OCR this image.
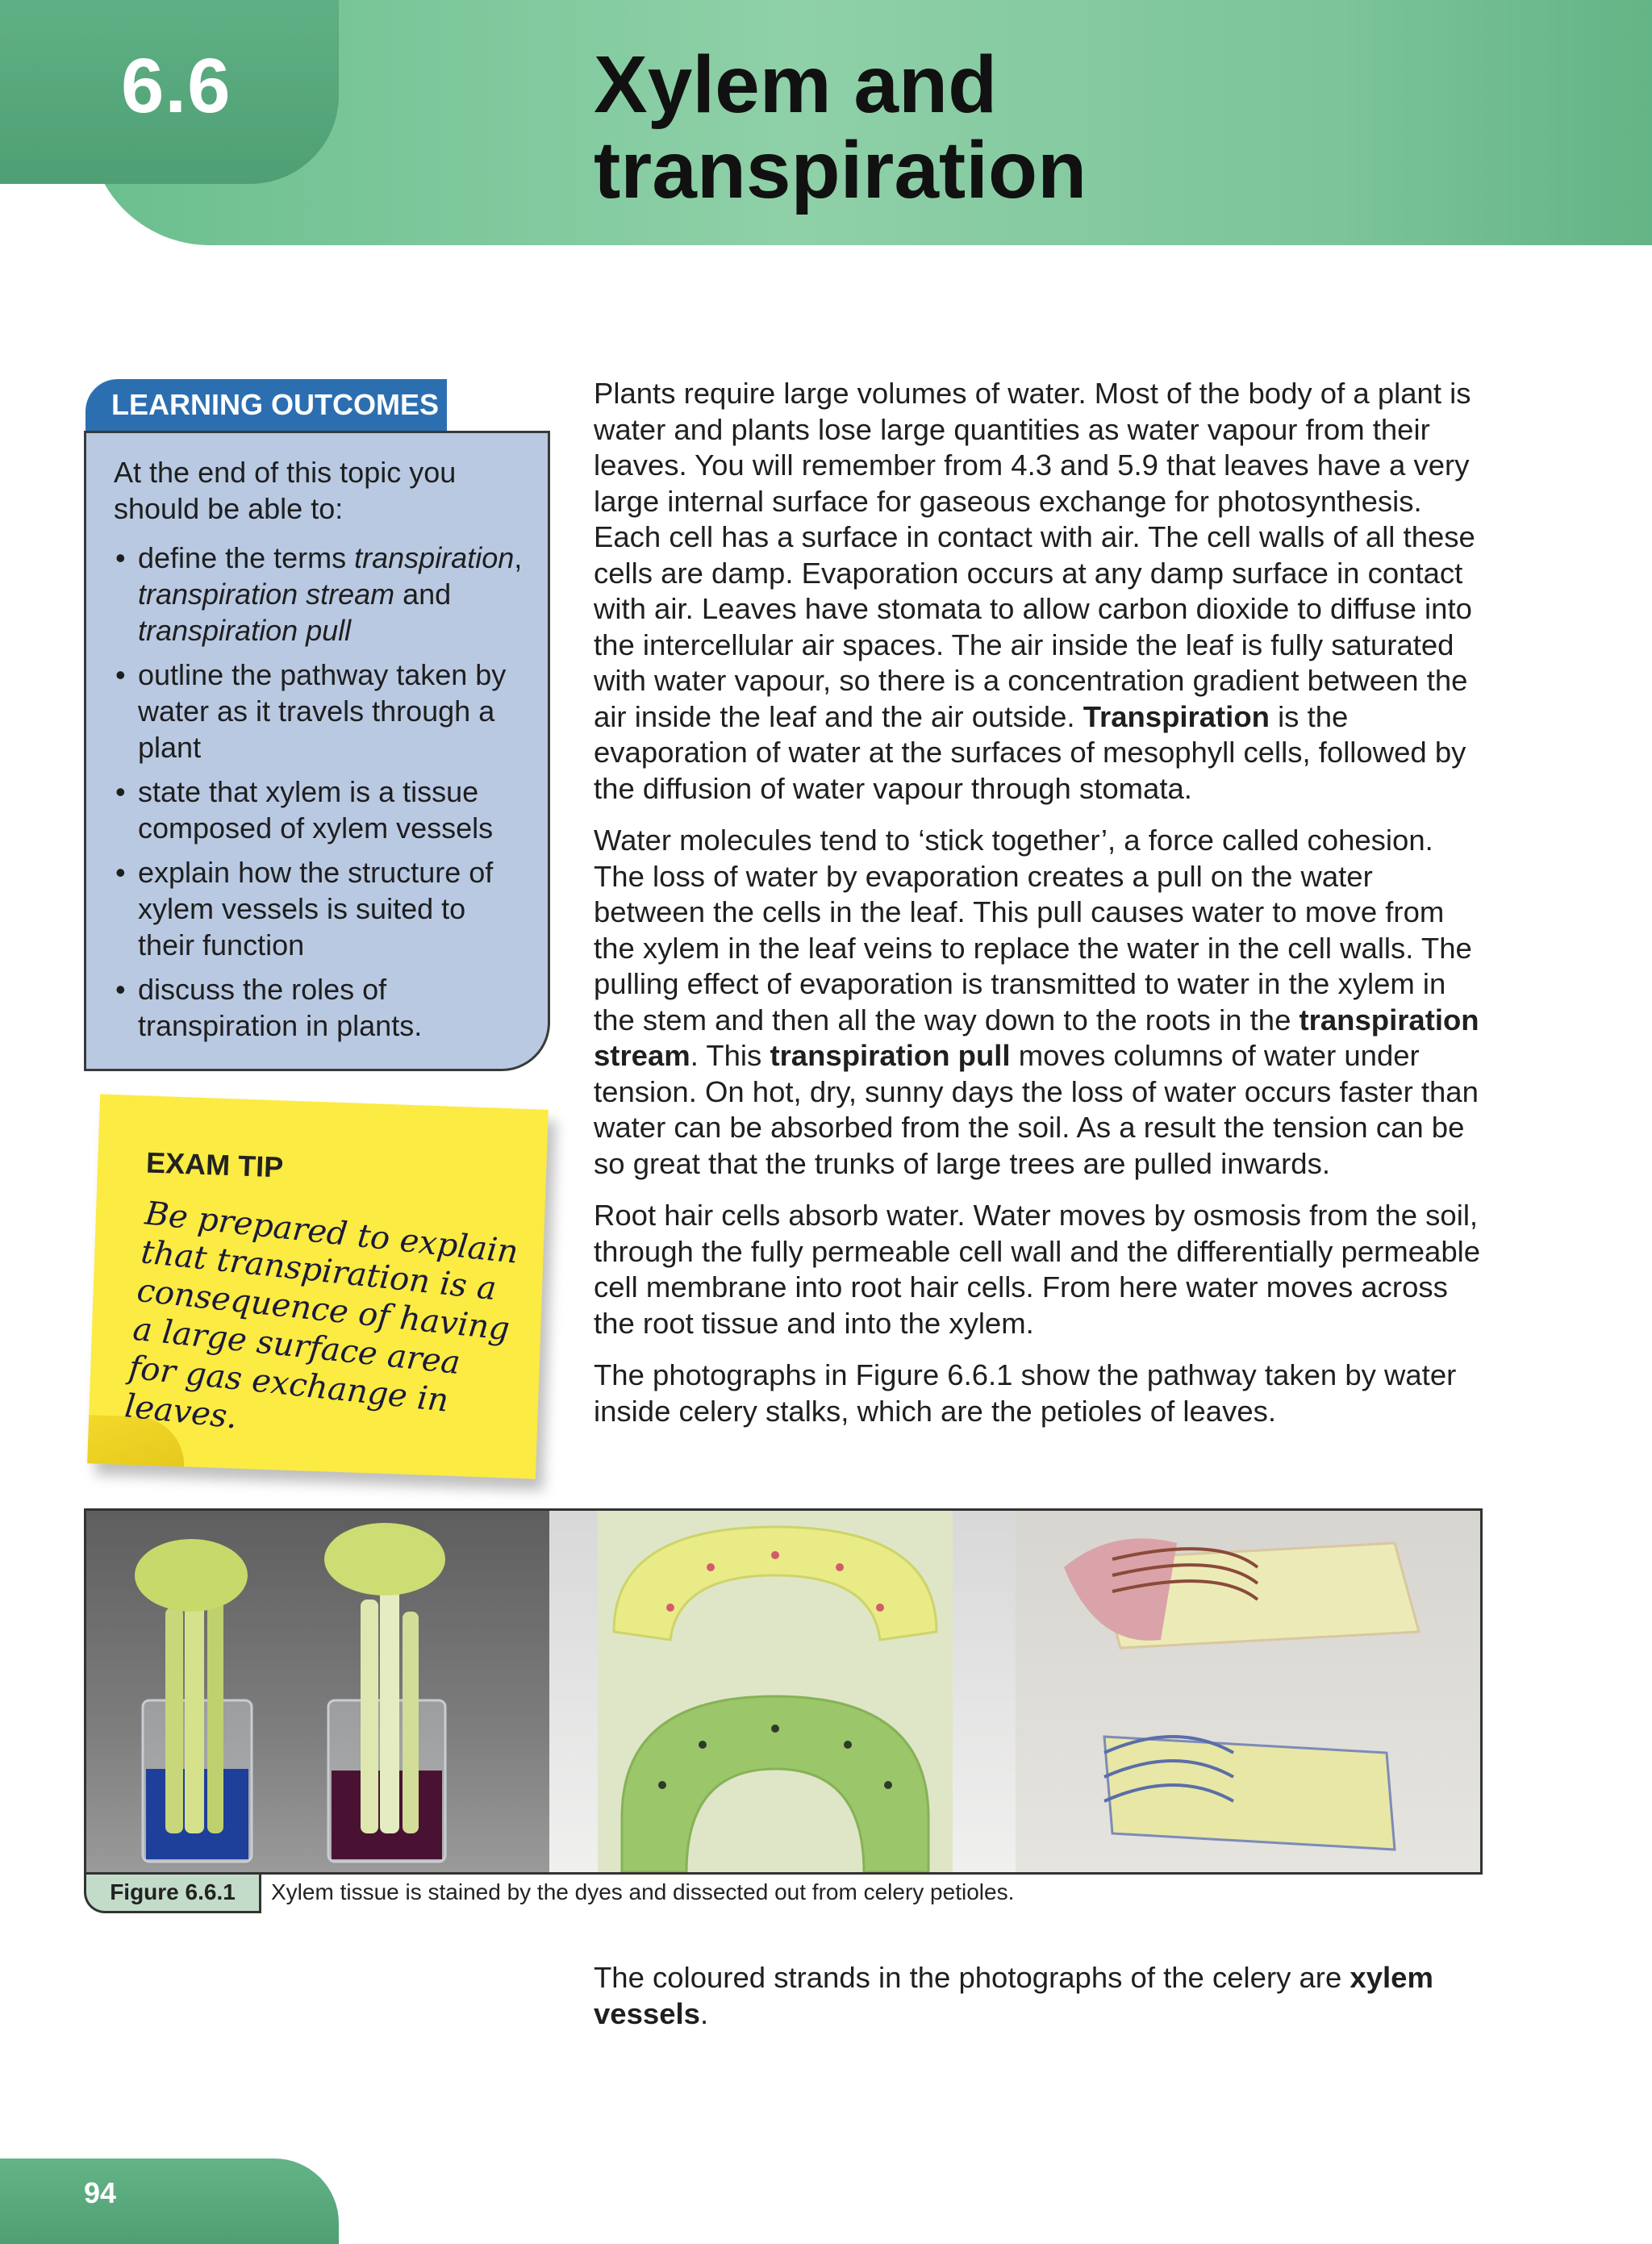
6.6	Xylem and
transpiration
LEARNING OUTCOMES

At the end of this topic you should be able to:

• define the terms transpiration, transpiration stream and transpiration pull
• outline the pathway taken by water as it travels through a plant
• state that xylem is a tissue composed of xylem vessels
• explain how the structure of xylem vessels is suited to their function
• discuss the roles of transpiration in plants.
EXAM TIP
Be prepared to explain that transpiration is a consequence of having a large surface area for gas exchange in leaves.

Plants require large volumes of water. Most of the body of a plant is water and plants lose large quantities as water vapour from their leaves. You will remember from 4.3 and 5.9 that leaves have a very large internal surface for gaseous exchange for photosynthesis. Each cell has a surface in contact with air. The cell walls of all these cells are damp. Evaporation occurs at any damp surface in contact with air. Leaves have stomata to allow carbon dioxide to diffuse into the intercellular air spaces. The air inside the leaf is fully saturated with water vapour, so there is a concentration gradient between the air inside the leaf and the air outside. Transpiration is the evaporation of water at the surfaces of mesophyll cells, followed by the diffusion of water vapour through stomata.

Water molecules tend to ‘stick together’, a force called cohesion. The loss of water by evaporation creates a pull on the water between the cells in the leaf. This pull causes water to move from the xylem in the leaf veins to replace the water in the cell walls. The pulling effect of evaporation is transmitted to water in the xylem in the stem and then all the way down to the roots in the transpiration stream. This transpiration pull moves columns of water under tension. On hot, dry, sunny days the loss of water occurs faster than water can be absorbed from the soil. As a result the tension can be so great that the trunks of large trees are pulled inwards.

Root hair cells absorb water. Water moves by osmosis from the soil, through the fully permeable cell wall and the differentially permeable cell membrane into root hair cells. From here water moves across the root tissue and into the xylem.

The photographs in Figure 6.6.1 show the pathway taken by water inside celery stalks, which are the petioles of leaves.

Figure 6.6.1	Xylem tissue is stained by the dyes and dissected out from celery petioles.
The coloured strands in the photographs of the celery are xylem vessels.
94
